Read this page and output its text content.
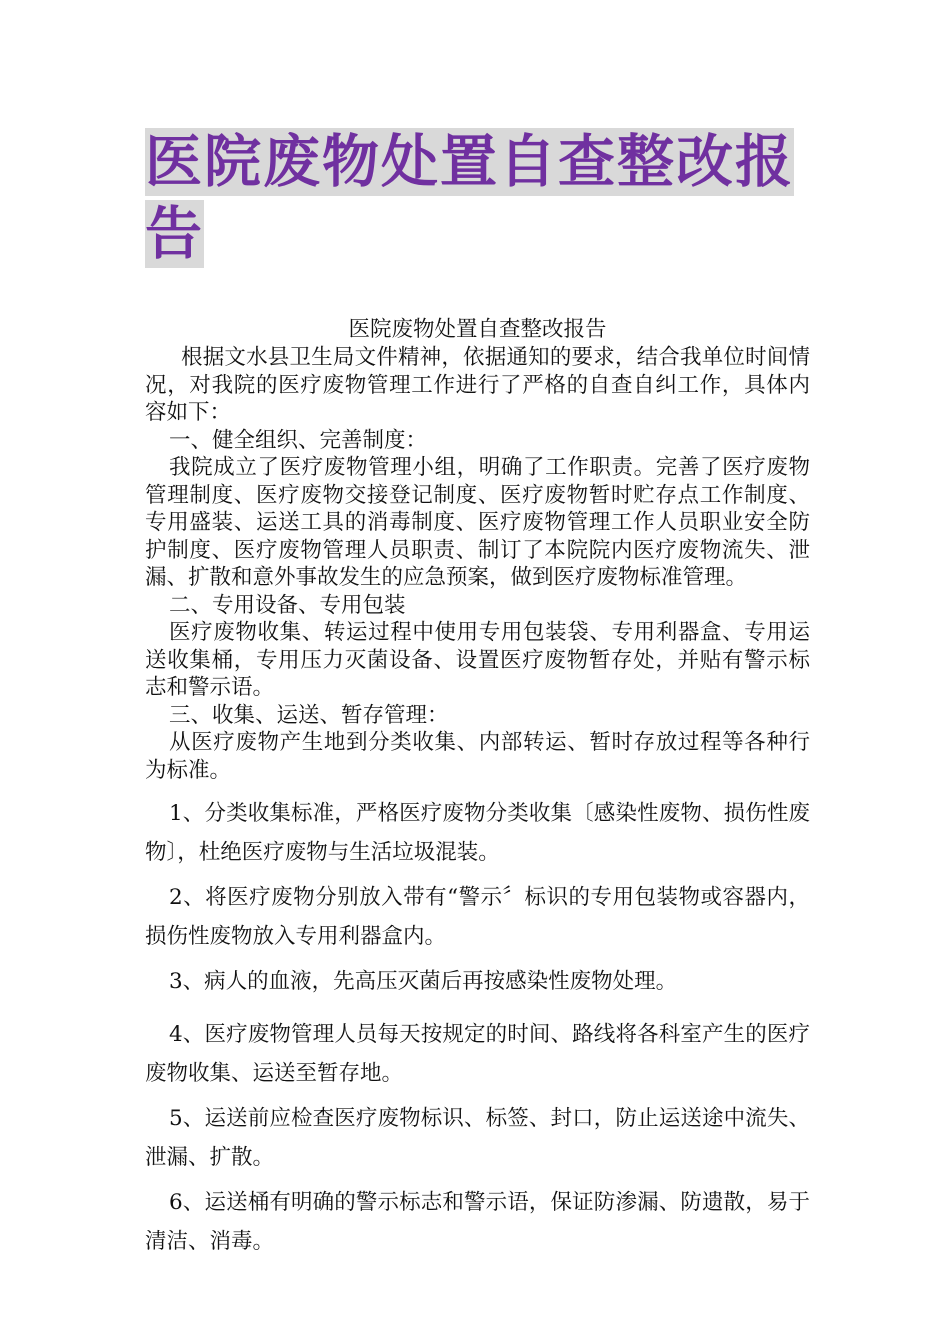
医院废物处置自查整改报
告

医院废物处置自查整改报告

根据文水县卫生局文件精神，依据通知的要求，结合我单位时间情况，对我院的医疗废物管理工作进行了严格的自查自纠工作，具体内容如下：

一、健全组织、完善制度：

我院成立了医疗废物管理小组，明确了工作职责。完善了医疗废物管理制度、医疗废物交接登记制度、医疗废物暂时贮存点工作制度、专用盛装、运送工具的消毒制度、医疗废物管理工作人员职业安全防护制度、医疗废物管理人员职责、制订了本院院内医疗废物流失、泄漏、扩散和意外事故发生的应急预案，做到医疗废物标准管理。

二、专用设备、专用包装

医疗废物收集、转运过程中使用专用包装袋、专用利器盒、专用运送收集桶，专用压力灭菌设备、设置医疗废物暂存处，并贴有警示标志和警示语。

三、收集、运送、暂存管理：

从医疗废物产生地到分类收集、内部转运、暂时存放过程等各种行为标准。

1、分类收集标准，严格医疗废物分类收集〔感染性废物、损伤性废物〕，杜绝医疗废物与生活垃圾混装。

2、将医疗废物分别放入带有“警示〞标识的专用包装物或容器内，损伤性废物放入专用利器盒内。

3、病人的血液，先高压灭菌后再按感染性废物处理。

4、医疗废物管理人员每天按规定的时间、路线将各科室产生的医疗废物收集、运送至暂存地。

5、运送前应检查医疗废物标识、标签、封口，防止运送途中流失、泄漏、扩散。

6、运送桶有明确的警示标志和警示语，保证防渗漏、防遗散，易于清洁、消毒。
